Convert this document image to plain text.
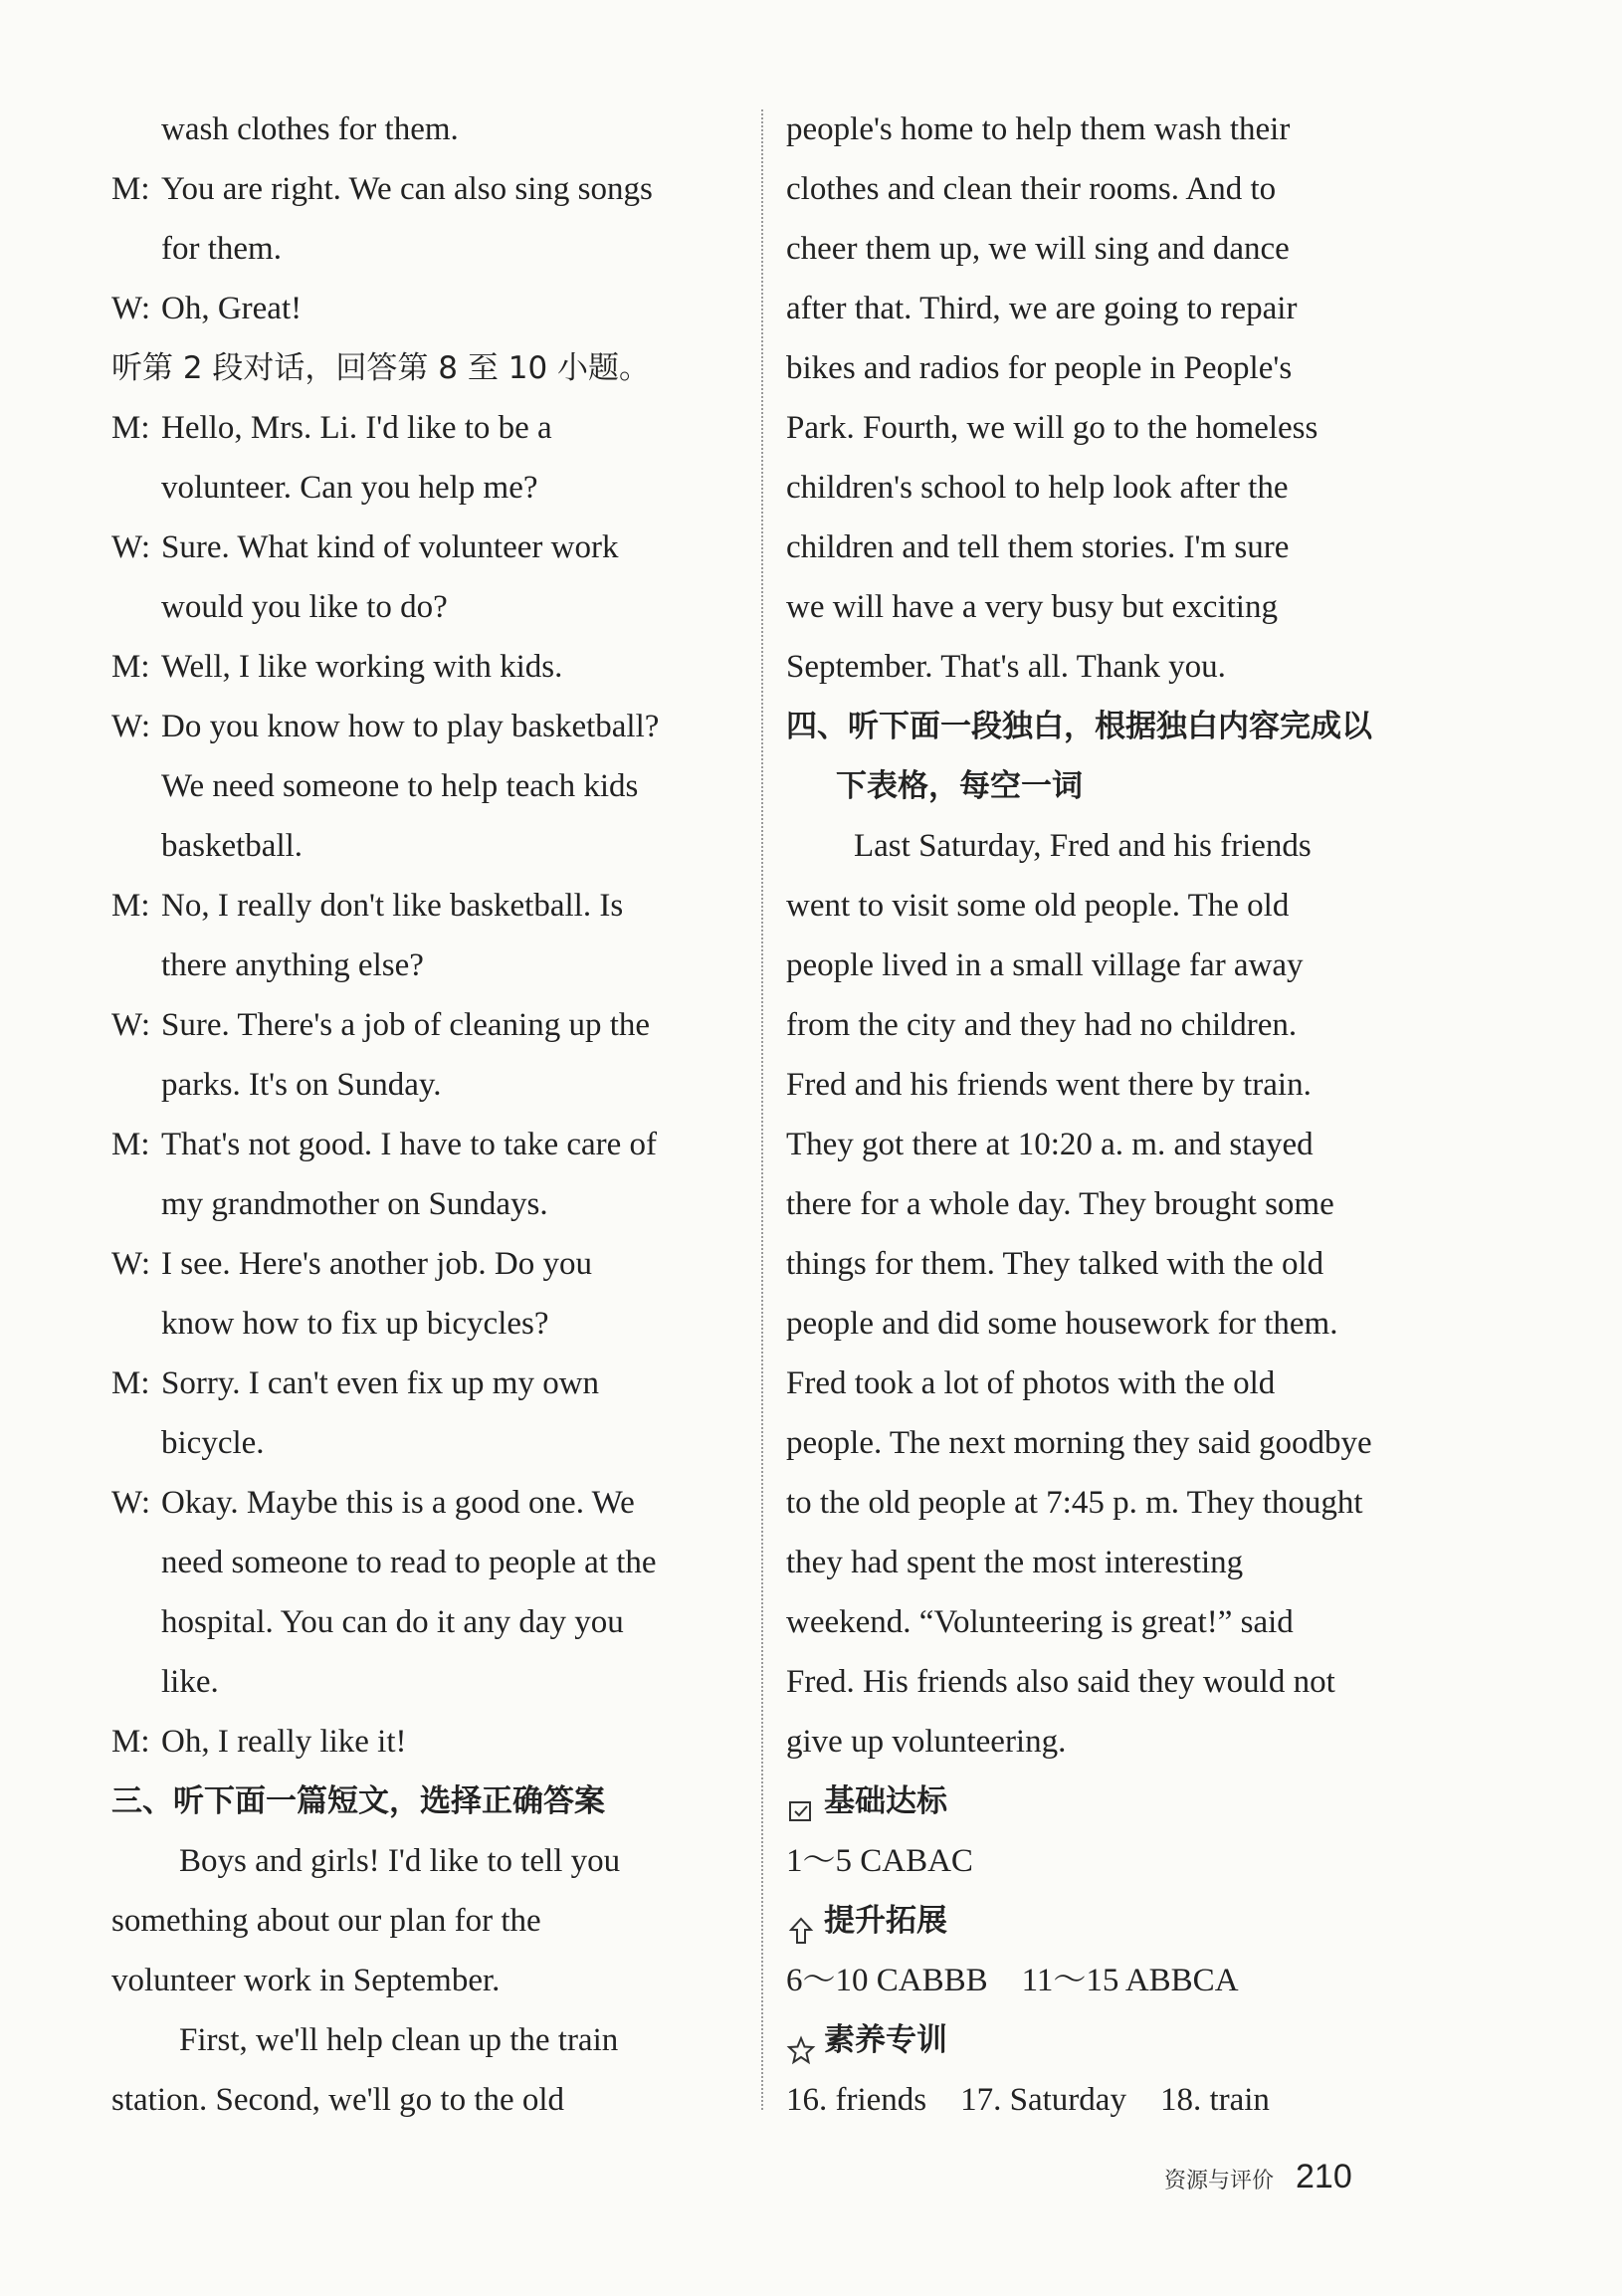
wash clothes for them.
M: You are right. We can also sing songs
for them.
W: Oh, Great!
听第 2 段对话，回答第 8 至 10 小题。
M: Hello, Mrs. Li. I'd like to be a
volunteer. Can you help me?
W: Sure. What kind of volunteer work
would you like to do?
M: Well, I like working with kids.
W: Do you know how to play basketball?
We need someone to help teach kids
basketball.
M: No, I really don't like basketball. Is
there anything else?
W: Sure. There's a job of cleaning up the
parks. It's on Sunday.
M: That's not good. I have to take care of
my grandmother on Sundays.
W: I see. Here's another job. Do you
know how to fix up bicycles?
M: Sorry. I can't even fix up my own
bicycle.
W: Okay. Maybe this is a good one. We
need someone to read to people at the
hospital. You can do it any day you
like.
M: Oh, I really like it!
三、听下面一篇短文，选择正确答案
Boys and girls! I'd like to tell you
something about our plan for the
volunteer work in September.
First, we'll help clean up the train
station. Second, we'll go to the old
people's home to help them wash their
clothes and clean their rooms. And to
cheer them up, we will sing and dance
after that. Third, we are going to repair
bikes and radios for people in People's
Park. Fourth, we will go to the homeless
children's school to help look after the
children and tell them stories. I'm sure
we will have a very busy but exciting
September. That's all. Thank you.
四、听下面一段独白，根据独白内容完成以
下表格，每空一词
Last Saturday, Fred and his friends
went to visit some old people. The old
people lived in a small village far away
from the city and they had no children.
Fred and his friends went there by train.
They got there at 10:20 a. m. and stayed
there for a whole day. They brought some
things for them. They talked with the old
people and did some housework for them.
Fred took a lot of photos with the old
people. The next morning they said goodbye
to the old people at 7:45 p. m. They thought
they had spent the most interesting
weekend. “Volunteering is great!” said
Fred. His friends also said they would not
give up volunteering.
基础达标
1～5 CABAC
提升拓展
6～10 CABBB 11～15 ABBCA
素养专训
16. friends 17. Saturday 18. train
资源与评价 210
